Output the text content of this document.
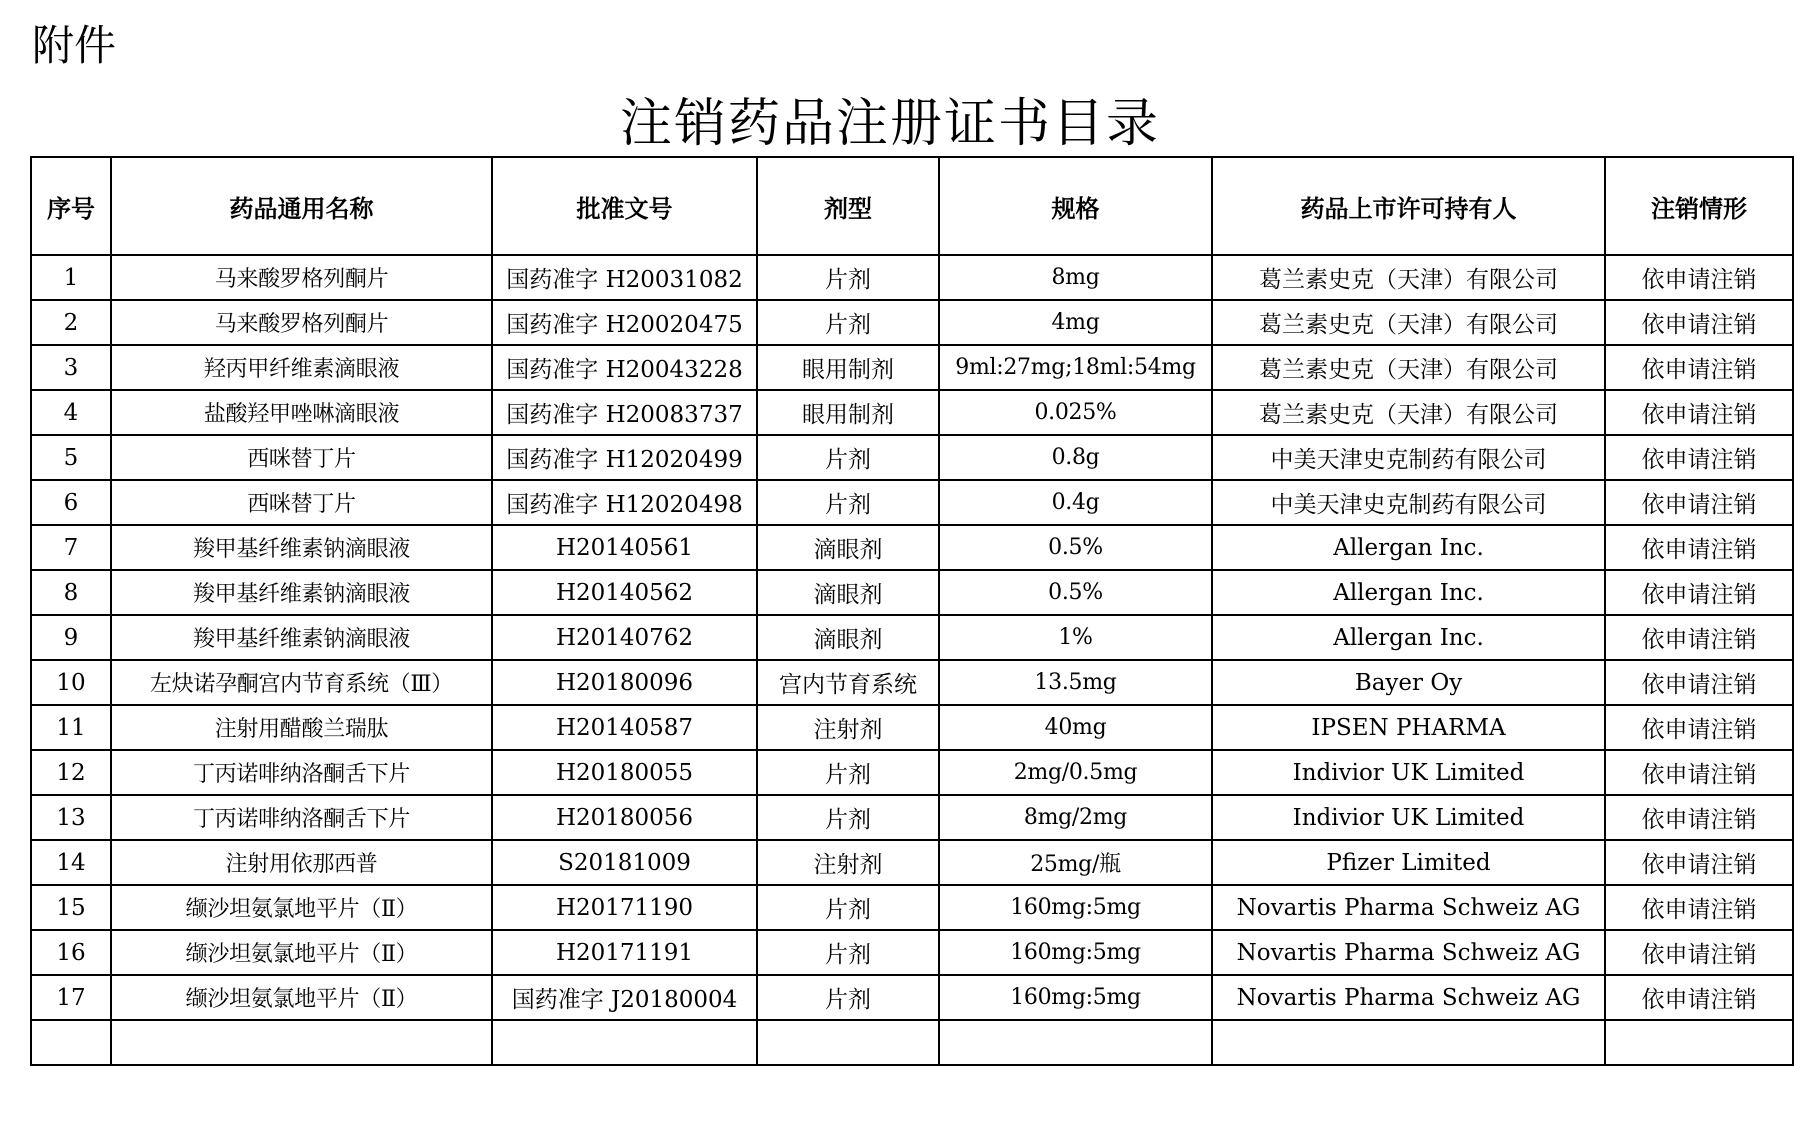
附件
注销药品注册证书目录
序号	药品通用名称	批准文号	剂型	规格	药品上市许可持有人	注销情形
1	马来酸罗格列酮片	国药准字 H20031082	片剂	8mg	葛兰素史克（天津）有限公司	依申请注销
2	马来酸罗格列酮片	国药准字 H20020475	片剂	4mg	葛兰素史克（天津）有限公司	依申请注销
3	羟丙甲纤维素滴眼液	国药准字 H20043228	眼用制剂	9ml:27mg;18ml:54mg	葛兰素史克（天津）有限公司	依申请注销
4	盐酸羟甲唑啉滴眼液	国药准字 H20083737	眼用制剂	0.025%	葛兰素史克（天津）有限公司	依申请注销
5	西咪替丁片	国药准字 H12020499	片剂	0.8g	中美天津史克制药有限公司	依申请注销
6	西咪替丁片	国药准字 H12020498	片剂	0.4g	中美天津史克制药有限公司	依申请注销
7	羧甲基纤维素钠滴眼液	H20140561	滴眼剂	0.5%	Allergan Inc.	依申请注销
8	羧甲基纤维素钠滴眼液	H20140562	滴眼剂	0.5%	Allergan Inc.	依申请注销
9	羧甲基纤维素钠滴眼液	H20140762	滴眼剂	1%	Allergan Inc.	依申请注销
10	左炔诺孕酮宫内节育系统（Ⅲ）	H20180096	宫内节育系统	13.5mg	Bayer Oy	依申请注销
11	注射用醋酸兰瑞肽	H20140587	注射剂	40mg	IPSEN PHARMA	依申请注销
12	丁丙诺啡纳洛酮舌下片	H20180055	片剂	2mg/0.5mg	Indivior UK Limited	依申请注销
13	丁丙诺啡纳洛酮舌下片	H20180056	片剂	8mg/2mg	Indivior UK Limited	依申请注销
14	注射用依那西普	S20181009	注射剂	25mg/瓶	Pfizer Limited	依申请注销
15	缬沙坦氨氯地平片（Ⅱ）	H20171190	片剂	160mg:5mg	Novartis Pharma Schweiz AG	依申请注销
16	缬沙坦氨氯地平片（Ⅱ）	H20171191	片剂	160mg:5mg	Novartis Pharma Schweiz AG	依申请注销
17	缬沙坦氨氯地平片（Ⅱ）	国药准字 J20180004	片剂	160mg:5mg	Novartis Pharma Schweiz AG	依申请注销
